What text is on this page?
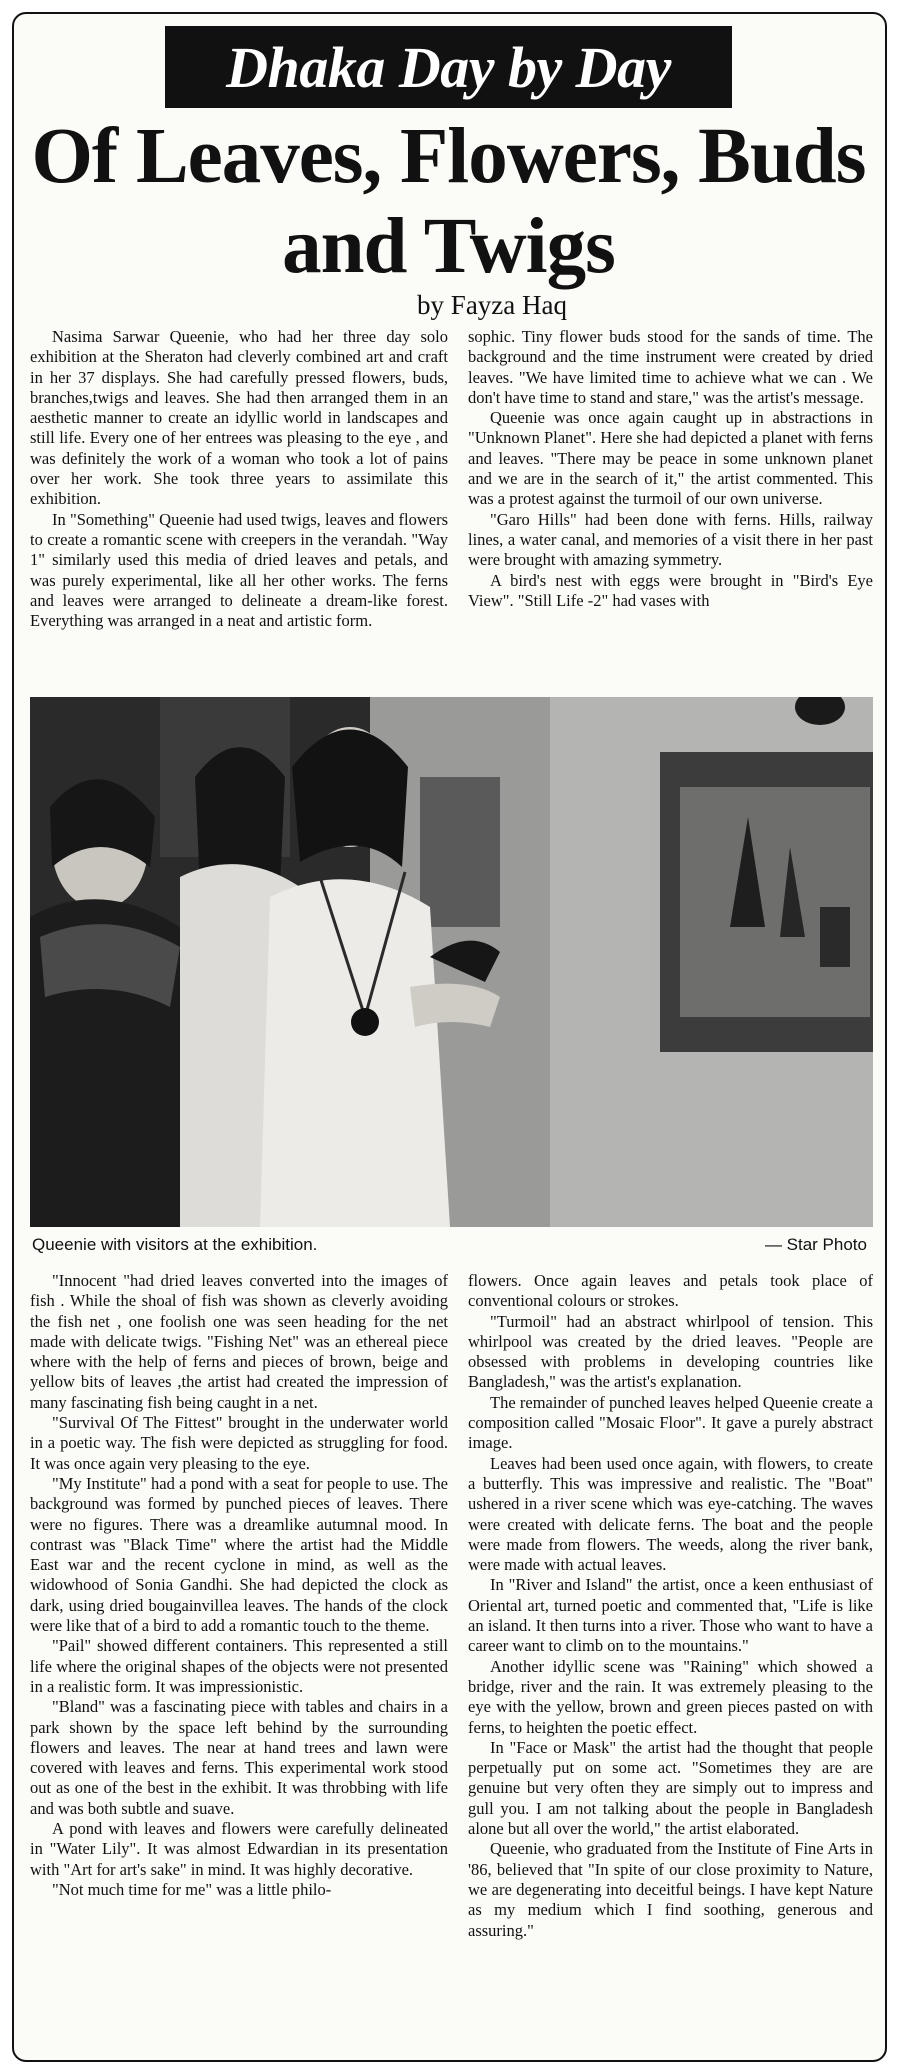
Dhaka Day by Day
Of Leaves, Flowers, Buds and Twigs
by Fayza Haq

Nasima Sarwar Queenie, who had her three day solo exhibition at the Sheraton had cleverly combined art and craft in her 37 displays. She had carefully pressed flowers, buds, branches,twigs and leaves. She had then arranged them in an aesthetic manner to create an idyllic world in landscapes and still life. Every one of her entrees was pleasing to the eye , and was definitely the work of a woman who took a lot of pains over her work. She took three years to assimilate this exhibition.

In "Something" Queenie had used twigs, leaves and flowers to create a romantic scene with creepers in the verandah. "Way 1" similarly used this media of dried leaves and petals, and was purely experimental, like all her other works. The ferns and leaves were arranged to delineate a dream-like forest. Everything was arranged in a neat and artistic form.

sophic. Tiny flower buds stood for the sands of time. The background and the time instrument were created by dried leaves. "We have limited time to achieve what we can . We don't have time to stand and stare," was the artist's message.

Queenie was once again caught up in abstractions in "Unknown Planet". Here she had depicted a planet with ferns and leaves. "There may be peace in some unknown planet and we are in the search of it," the artist commented. This was a protest against the turmoil of our own universe.

"Garo Hills" had been done with ferns. Hills, railway lines, a water canal, and memories of a visit there in her past were brought with amazing symmetry.

A bird's nest with eggs were brought in "Bird's Eye View". "Still Life -2" had vases with

Queenie with visitors at the exhibition.	— Star Photo

"Innocent "had dried leaves converted into the images of fish . While the shoal of fish was shown as cleverly avoiding the fish net , one foolish one was seen heading for the net made with delicate twigs. "Fishing Net" was an ethereal piece where with the help of ferns and pieces of brown, beige and yellow bits of leaves ,the artist had created the impression of many fascinating fish being caught in a net.

"Survival Of The Fittest" brought in the underwater world in a poetic way. The fish were depicted as struggling for food. It was once again very pleasing to the eye.

"My Institute" had a pond with a seat for people to use. The background was formed by punched pieces of leaves. There were no figures. There was a dreamlike autumnal mood. In contrast was "Black Time" where the artist had the Middle East war and the recent cyclone in mind, as well as the widowhood of Sonia Gandhi. She had depicted the clock as dark, using dried bougainvillea leaves. The hands of the clock were like that of a bird to add a romantic touch to the theme.

"Pail" showed different containers. This represented a still life where the original shapes of the objects were not presented in a realistic form. It was impressionistic.

"Bland" was a fascinating piece with tables and chairs in a park shown by the space left behind by the surrounding flowers and leaves. The near at hand trees and lawn were covered with leaves and ferns. This experimental work stood out as one of the best in the exhibit. It was throbbing with life and was both subtle and suave.

A pond with leaves and flowers were carefully delineated in "Water Lily". It was almost Edwardian in its presentation with "Art for art's sake" in mind. It was highly decorative.

"Not much time for me" was a little philo-

flowers. Once again leaves and petals took place of conventional colours or strokes.

"Turmoil" had an abstract whirlpool of tension. This whirlpool was created by the dried leaves. "People are obsessed with problems in developing countries like Bangladesh," was the artist's explanation.

The remainder of punched leaves helped Queenie create a composition called "Mosaic Floor". It gave a purely abstract image.

Leaves had been used once again, with flowers, to create a butterfly. This was impressive and realistic. The "Boat" ushered in a river scene which was eye-catching. The waves were created with delicate ferns. The boat and the people were made from flowers. The weeds, along the river bank, were made with actual leaves.

In "River and Island" the artist, once a keen enthusiast of Oriental art, turned poetic and commented that, "Life is like an island. It then turns into a river. Those who want to have a career want to climb on to the mountains."

Another idyllic scene was "Raining" which showed a bridge, river and the rain. It was extremely pleasing to the eye with the yellow, brown and green pieces pasted on with ferns, to heighten the poetic effect.

In "Face or Mask" the artist had the thought that people perpetually put on some act. "Sometimes they are are genuine but very often they are simply out to impress and gull you. I am not talking about the people in Bangladesh alone but all over the world," the artist elaborated.

Queenie, who graduated from the Institute of Fine Arts in '86, believed that "In spite of our close proximity to Nature, we are degenerating into deceitful beings. I have kept Nature as my medium which I find soothing, generous and assuring."
